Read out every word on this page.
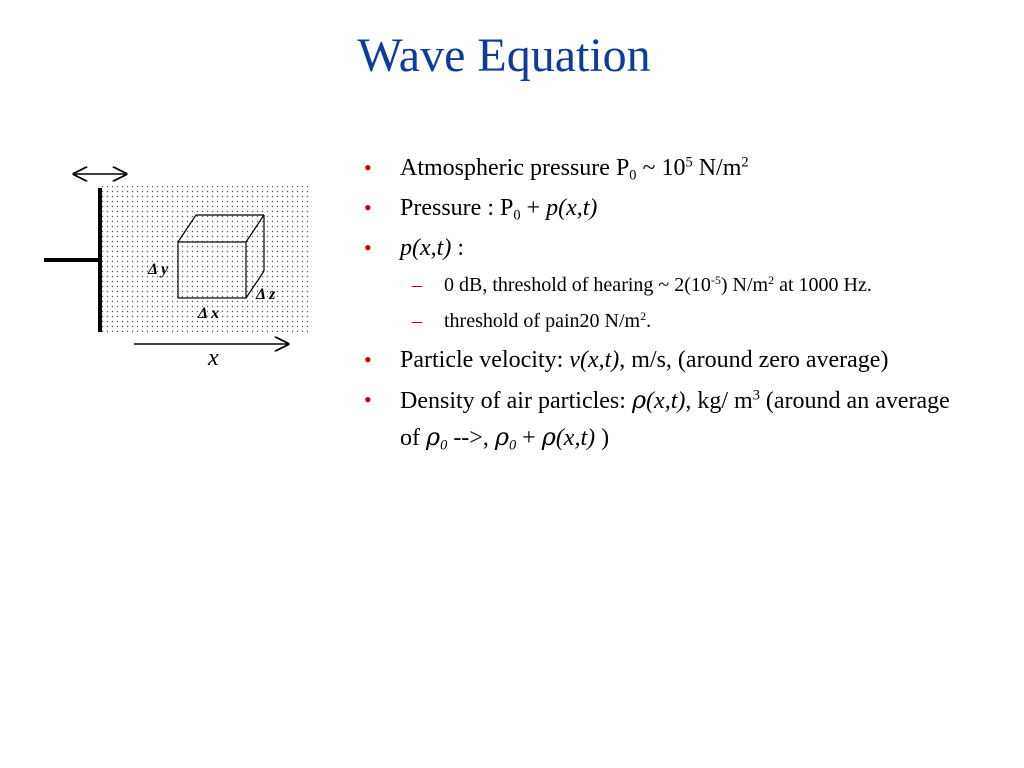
Wave Equation
Δ y
Δ z
Δ x
x
• Atmospheric pressure $P_0$ ~ $10^5$ $N/m^2$
• Pressure : $P_0 + p(x,t)$
• p(x,t) :
– 0 dB, threshold of hearing ~ $2(10^{-5})$ $N/m^2$ at 1000 Hz.
– threshold of pain20 $N/m^2$.
• Particle velocity: v(x,t), m/s, (around zero average)
• Density of air particles: ρ(x,t), kg/ $m^3$ (around an average of $\rho_0$ -->, $\rho_0 + \rho(x,t)$ )
